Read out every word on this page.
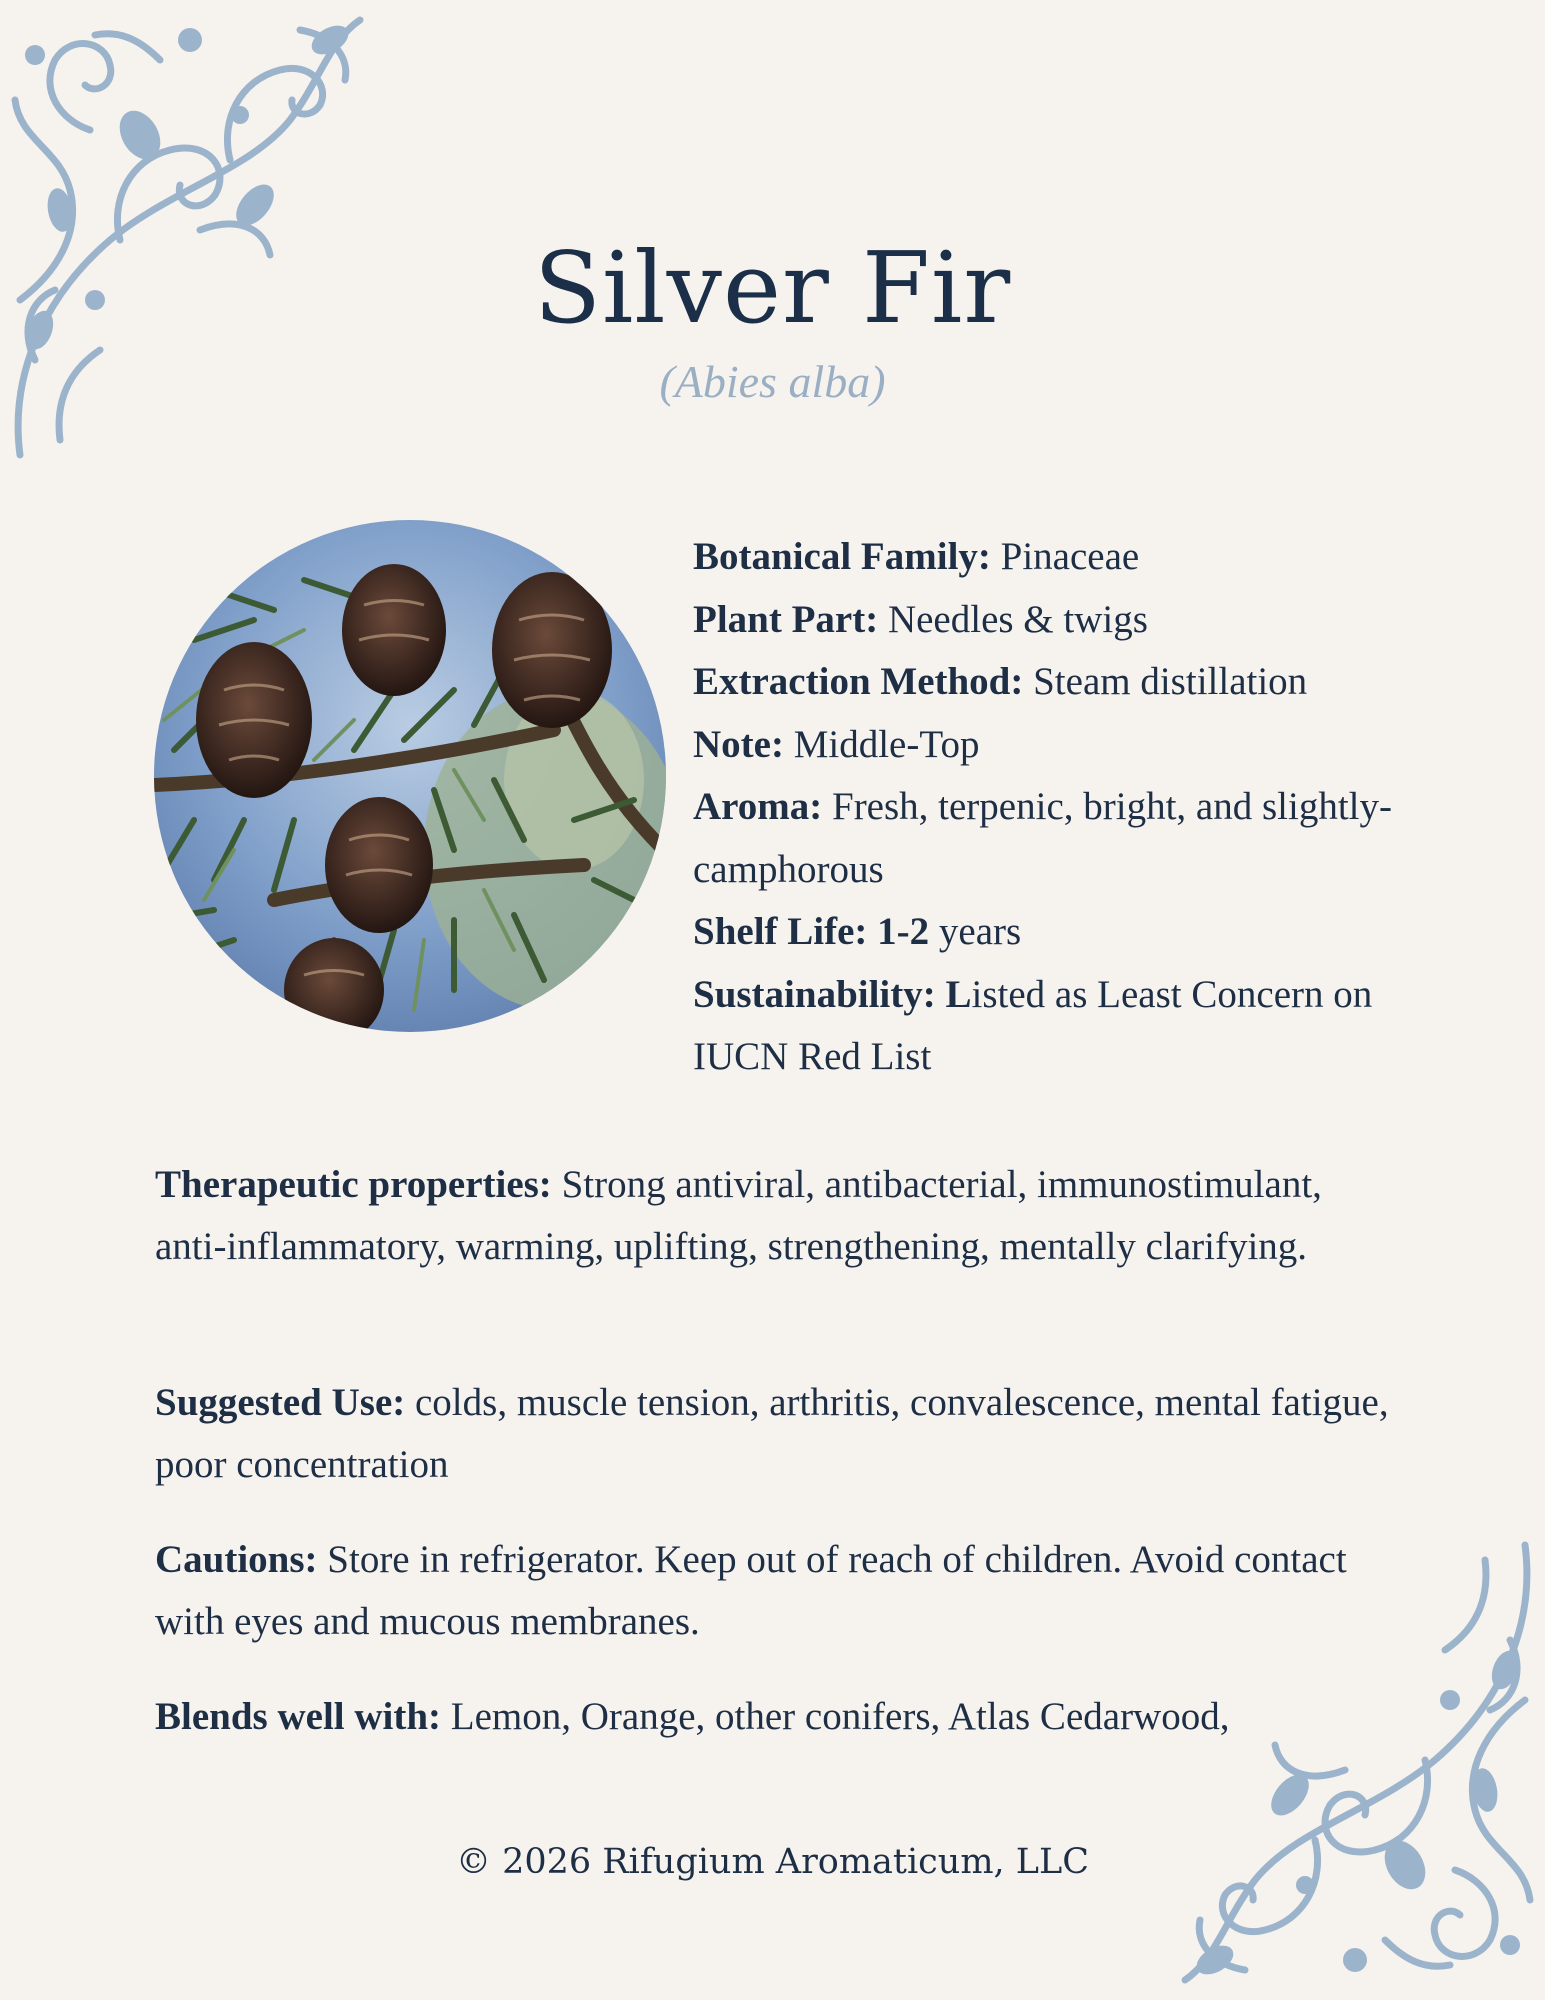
Silver Fir
(Abies alba)
Botanical Family: Pinaceae
Plant Part: Needles & twigs
Extraction Method: Steam distillation
Note: Middle-Top
Aroma: Fresh, terpenic, bright, and slightly-camphorous
Shelf Life: 1-2 years
Sustainability: Listed as Least Concern on IUCN Red List
Therapeutic properties: Strong antiviral, antibacterial, immunostimulant, anti-inflammatory, warming, uplifting, strengthening, mentally clarifying.
Suggested Use: colds, muscle tension, arthritis, convalescence, mental fatigue, poor concentration
Cautions: Store in refrigerator. Keep out of reach of children. Avoid contact with eyes and mucous membranes.
Blends well with: Lemon, Orange, other conifers, Atlas Cedarwood,
© 2026 Rifugium Aromaticum, LLC
